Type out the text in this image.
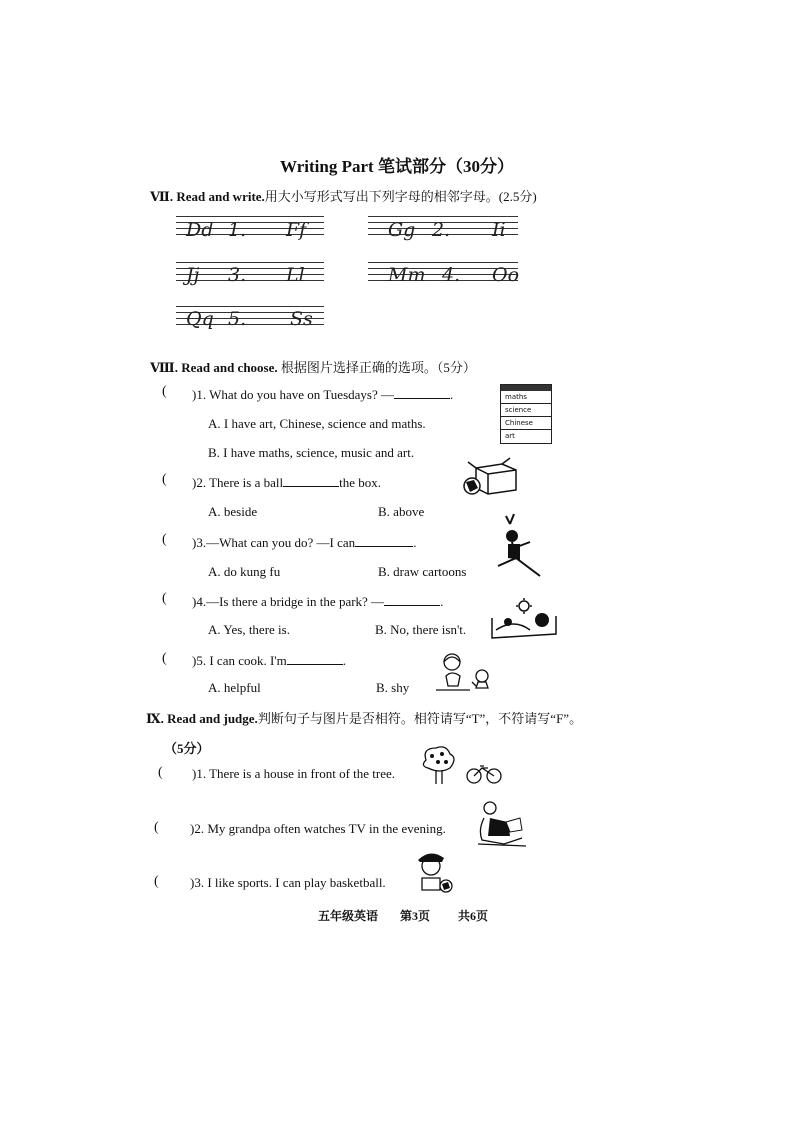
Writing Part 笔试部分（30分）
Ⅶ. Read and write.用大小写形式写出下列字母的相邻字母。(2.5分)
Dd 1. Ff	Gg 2. Ii
Jj 3. Ll	Mm 4. Oo
Qq 5. Ss
Ⅷ. Read and choose. 根据图片选择正确的选项。（5分）
( )1. What do you have on Tuesdays? —	.
A. I have art, Chinese, science and maths.
B. I have maths, science, music and art.
maths
science
Chinese
art
( )2. There is a ball	the box.
A. beside	B. above
( )3.—What can you do? —I can	.
A. do kung fu	B. draw cartoons
( )4.—Is there a bridge in the park? —	.
A. Yes, there is.	B. No, there isn't.
( )5. I can cook. I'm	.
A. helpful	B. shy
Ⅸ. Read and judge.判断句子与图片是否相符。相符请写“T”，不符请写“F”。
（5分）
( )1. There is a house in front of the tree.
( )2. My grandpa often watches TV in the evening.
( )3. I like sports. I can play basketball.
五年级英语 第3页 共6页
